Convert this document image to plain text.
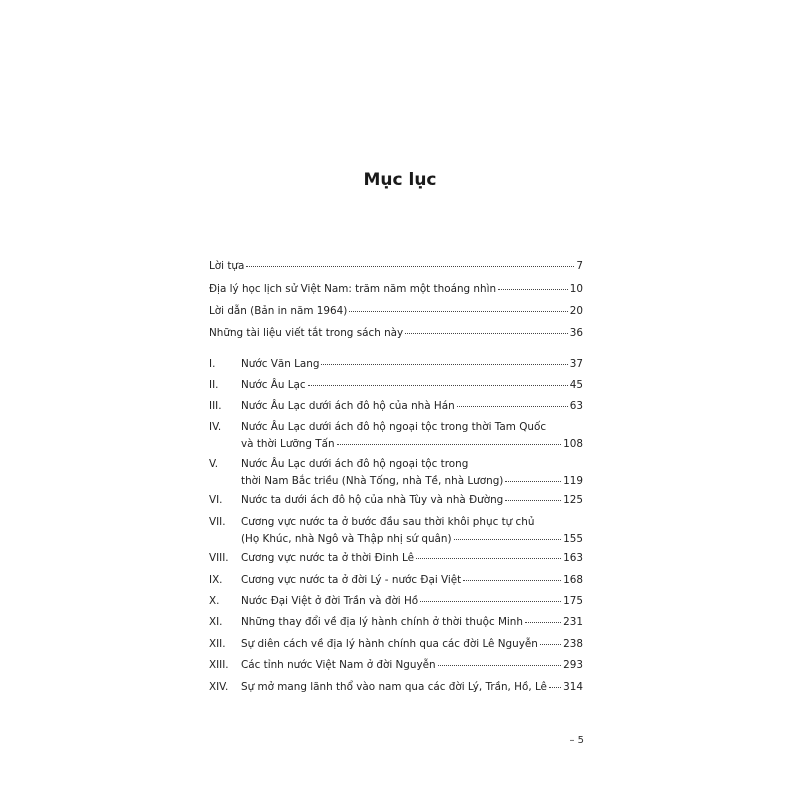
Mục lục
Lời tựa	7
Địa lý học lịch sử Việt Nam: trăm năm một thoáng nhìn	10
Lời dẫn (Bản in năm 1964)	20
Những tài liệu viết tắt trong sách này	36
I.	Nước Văn Lang	37
II.	Nước Âu Lạc	45
III.	Nước Âu Lạc dưới ách đô hộ của nhà Hán	63
IV.	Nước Âu Lạc dưới ách đô hộ ngoại tộc trong thời Tam Quốc
và thời Lưỡng Tấn	108
V.	Nước Âu Lạc dưới ách đô hộ ngoại tộc trong
thời Nam Bắc triều (Nhà Tống, nhà Tề, nhà Lương)	119
VI.	Nước ta dưới ách đô hộ của nhà Tùy và nhà Đường	125
VII.	Cương vực nước ta ở bước đầu sau thời khôi phục tự chủ
(Họ Khúc, nhà Ngô và Thập nhị sứ quân)	155
VIII.	Cương vực nước ta ở thời Đinh Lê	163
IX.	Cương vực nước ta ở đời Lý - nước Đại Việt	168
X.	Nước Đại Việt ở đời Trần và đời Hồ	175
XI.	Những thay đổi về địa lý hành chính ở thời thuộc Minh	231
XII.	Sự diên cách về địa lý hành chính qua các đời Lê Nguyễn 238
XIII.	Các tỉnh nước Việt Nam ở đời Nguyễn	293
XIV.	Sự mở mang lãnh thổ vào nam qua các đời Lý, Trần, Hồ, Lê 314
– 5
